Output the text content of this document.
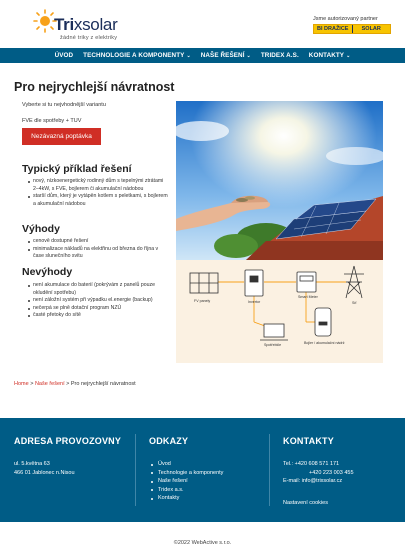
Trixsolar
žádné triky z elektriky
Jsme autorizovaný partner
BI DRAŽICE	SOLAR
ÚVOD TECHNOLOGIE A KOMPONENTY ⌄ NAŠE ŘEŠENÍ ⌄ TRIDEX A.S. KONTAKTY ⌄
Pro nejrychlejší návratnost
Vyberte si tu nejvhodnější variantu
FVE dle spotřeby + TUV
Nezávazná poptávka
Typický příklad řešení
nový, nízkoenergetický rodinný dům s tepelnými ztrátami 2–4kW, s FVE, bojlerem či akumulační nádobou
starší dům, který je vytápěn kotlem s peletkami, s bojlerem a akumulační nádobou
Výhody
cenově dostupné řešení
minimalizace nákladů na elektřinu od března do října v čase slunečního svitu
Nevýhody
není akumulace do baterií (pokrývám z panelů pouze okludění spotřebu)
není záložní systém při výpadku el.energie (backup)
nečerpá se plně dotační program NZÚ
časté přetoky do sítě
FV panely	Invertor
Smart Meter
Síť
Spotřebiče	Bojler / akumulační nádrž
Home > Naše řešení > Pro nejrychlejší návratnost
ADRESA PROVOZOVNY
ul. 5.května 63
466 01 Jablonec n.Nisou
ODKAZY
Úvod
Technologie a komponenty
Naše řešení
Tridex a.s.
Kontakty
KONTAKTY
Tel.: +420 608 571 171
+420 223 003 455
E-mail: info@trixsolar.cz
Nastavení cookies
©2022 WebActive s.r.o.
